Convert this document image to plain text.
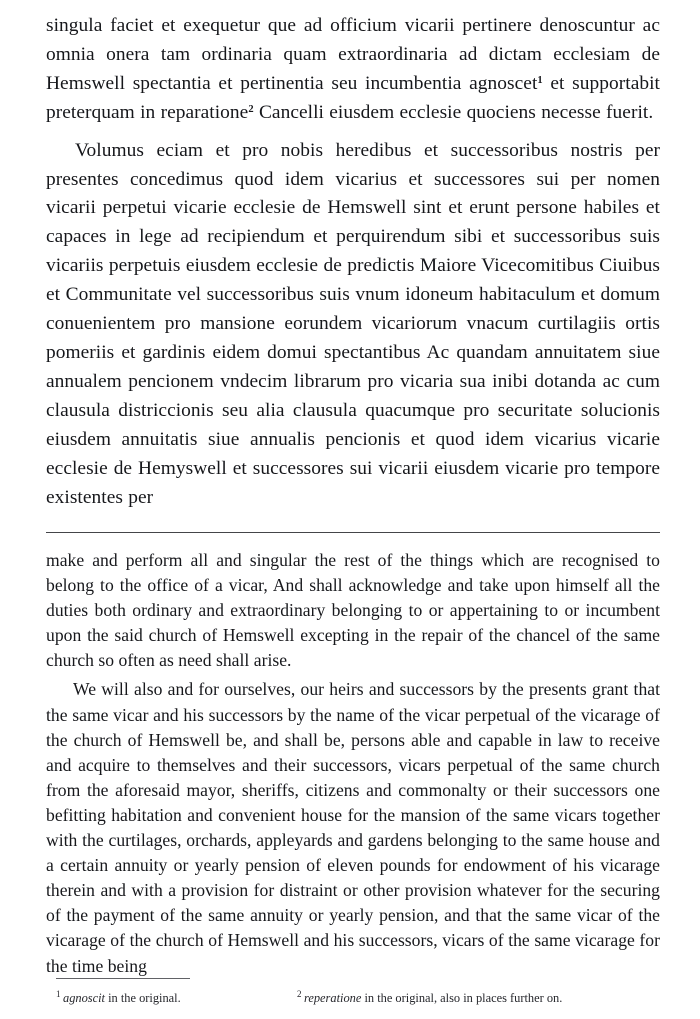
singula faciet et exequetur que ad officium vicarii pertinere denoscuntur ac omnia onera tam ordinaria quam extraordinaria ad dictam ecclesiam de Hemswell spectantia et pertinentia seu incumbentia agnoscet$^1$ et supportabit preterquam in reparatione$^2$ Cancelli eiusdem ecclesie quociens necesse fuerit.

Volumus eciam et pro nobis heredibus et successoribus nostris per presentes concedimus quod idem vicarius et successores sui per nomen vicarii perpetui vicarie ecclesie de Hemswell sint et erunt persone habiles et capaces in lege ad recipiendum et perquirendum sibi et successoribus suis vicariis perpetuis eiusdem ecclesie de predictis Maiore Vicecomitibus Ciuibus et Communitate vel successoribus suis vnum idoneum habitaculum et domum conuenientem pro mansione eorundem vicariorum vnacum curtilagiis ortis pomeriis et gardinis eidem domui spectantibus Ac quandam annuitatem siue annualem pencionem vndecim librarum pro vicaria sua inibi dotanda ac cum clausula districcionis seu alia clausula quacumque pro securitate solucionis eiusdem annuitatis siue annualis pencionis et quod idem vicarius vicarie ecclesie de Hemyswell et successores sui vicarii eiusdem vicarie pro tempore existentes per

make and perform all and singular the rest of the things which are recognised to belong to the office of a vicar, And shall acknowledge and take upon himself all the duties both ordinary and extraordinary belonging to or appertaining to or incumbent upon the said church of Hemswell excepting in the repair of the chancel of the same church so often as need shall arise.

We will also and for ourselves, our heirs and successors by the presents grant that the same vicar and his successors by the name of the vicar perpetual of the vicarage of the church of Hemswell be, and shall be, persons able and capable in law to receive and acquire to themselves and their successors, vicars perpetual of the same church from the aforesaid mayor, sheriffs, citizens and commonalty or their successors one befitting habitation and convenient house for the mansion of the same vicars together with the curtilages, orchards, appleyards and gardens belonging to the same house and a certain annuity or yearly pension of eleven pounds for endowment of his vicarage therein and with a provision for distraint or other provision whatever for the securing of the payment of the same annuity or yearly pension, and that the same vicar of the vicarage of the church of Hemswell and his successors, vicars of the same vicarage for the time being

$^1$ agnoscit in the original.	$^2$ reperatione in the original, also in places further on.
